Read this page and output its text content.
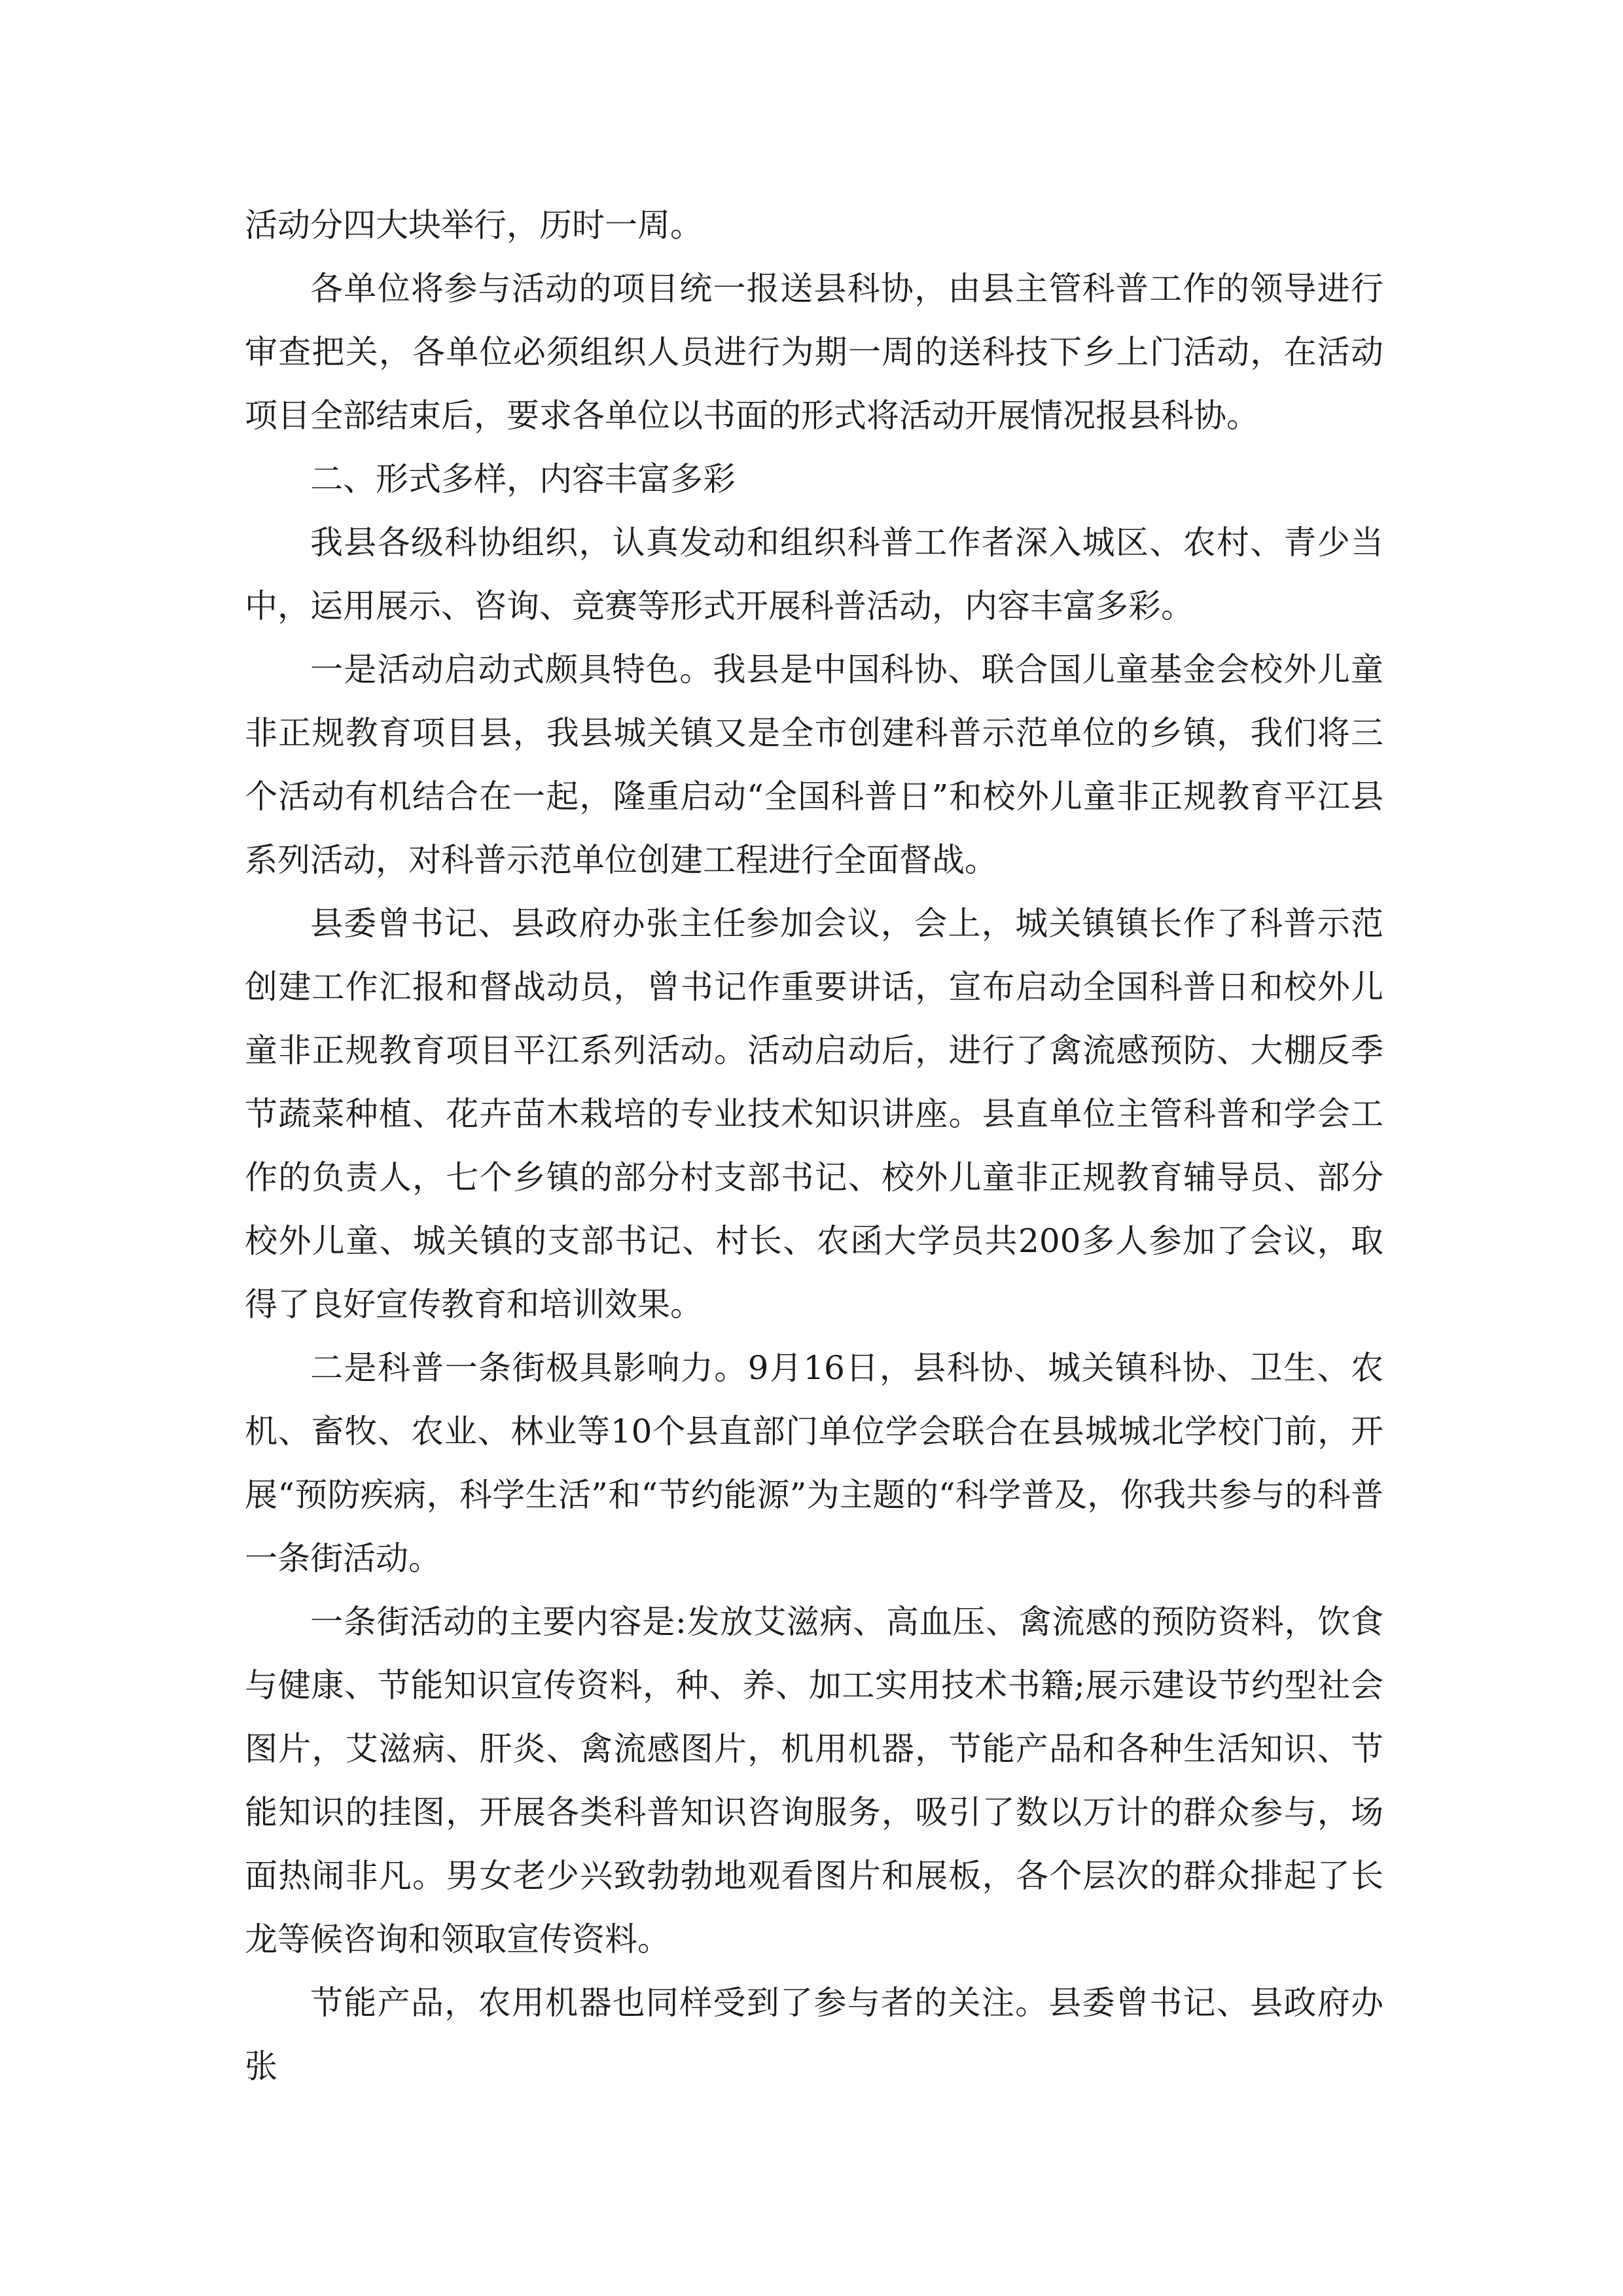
活动分四大块举行，历时一周。

各单位将参与活动的项目统一报送县科协，由县主管科普工作的领导进行审查把关，各单位必须组织人员进行为期一周的送科技下乡上门活动，在活动项目全部结束后，要求各单位以书面的形式将活动开展情况报县科协。

二、形式多样，内容丰富多彩

我县各级科协组织，认真发动和组织科普工作者深入城区、农村、青少当中，运用展示、咨询、竞赛等形式开展科普活动，内容丰富多彩。

一是活动启动式颇具特色。我县是中国科协、联合国儿童基金会校外儿童非正规教育项目县，我县城关镇又是全市创建科普示范单位的乡镇，我们将三个活动有机结合在一起，隆重启动“全国科普日”和校外儿童非正规教育平江县系列活动，对科普示范单位创建工程进行全面督战。

县委曾书记、县政府办张主任参加会议，会上，城关镇镇长作了科普示范创建工作汇报和督战动员，曾书记作重要讲话，宣布启动全国科普日和校外儿童非正规教育项目平江系列活动。活动启动后，进行了禽流感预防、大棚反季节蔬菜种植、花卉苗木栽培的专业技术知识讲座。县直单位主管科普和学会工作的负责人，七个乡镇的部分村支部书记、校外儿童非正规教育辅导员、部分校外儿童、城关镇的支部书记、村长、农函大学员共200多人参加了会议，取得了良好宣传教育和培训效果。

二是科普一条街极具影响力。9月16日，县科协、城关镇科协、卫生、农机、畜牧、农业、林业等10个县直部门单位学会联合在县城城北学校门前，开展“预防疾病，科学生活”和“节约能源”为主题的“科学普及，你我共参与的科普一条街活动。

一条街活动的主要内容是:发放艾滋病、高血压、禽流感的预防资料，饮食与健康、节能知识宣传资料，种、养、加工实用技术书籍;展示建设节约型社会图片，艾滋病、肝炎、禽流感图片，机用机器，节能产品和各种生活知识、节能知识的挂图，开展各类科普知识咨询服务，吸引了数以万计的群众参与，场面热闹非凡。男女老少兴致勃勃地观看图片和展板，各个层次的群众排起了长龙等候咨询和领取宣传资料。

节能产品，农用机器也同样受到了参与者的关注。县委曾书记、县政府办张
